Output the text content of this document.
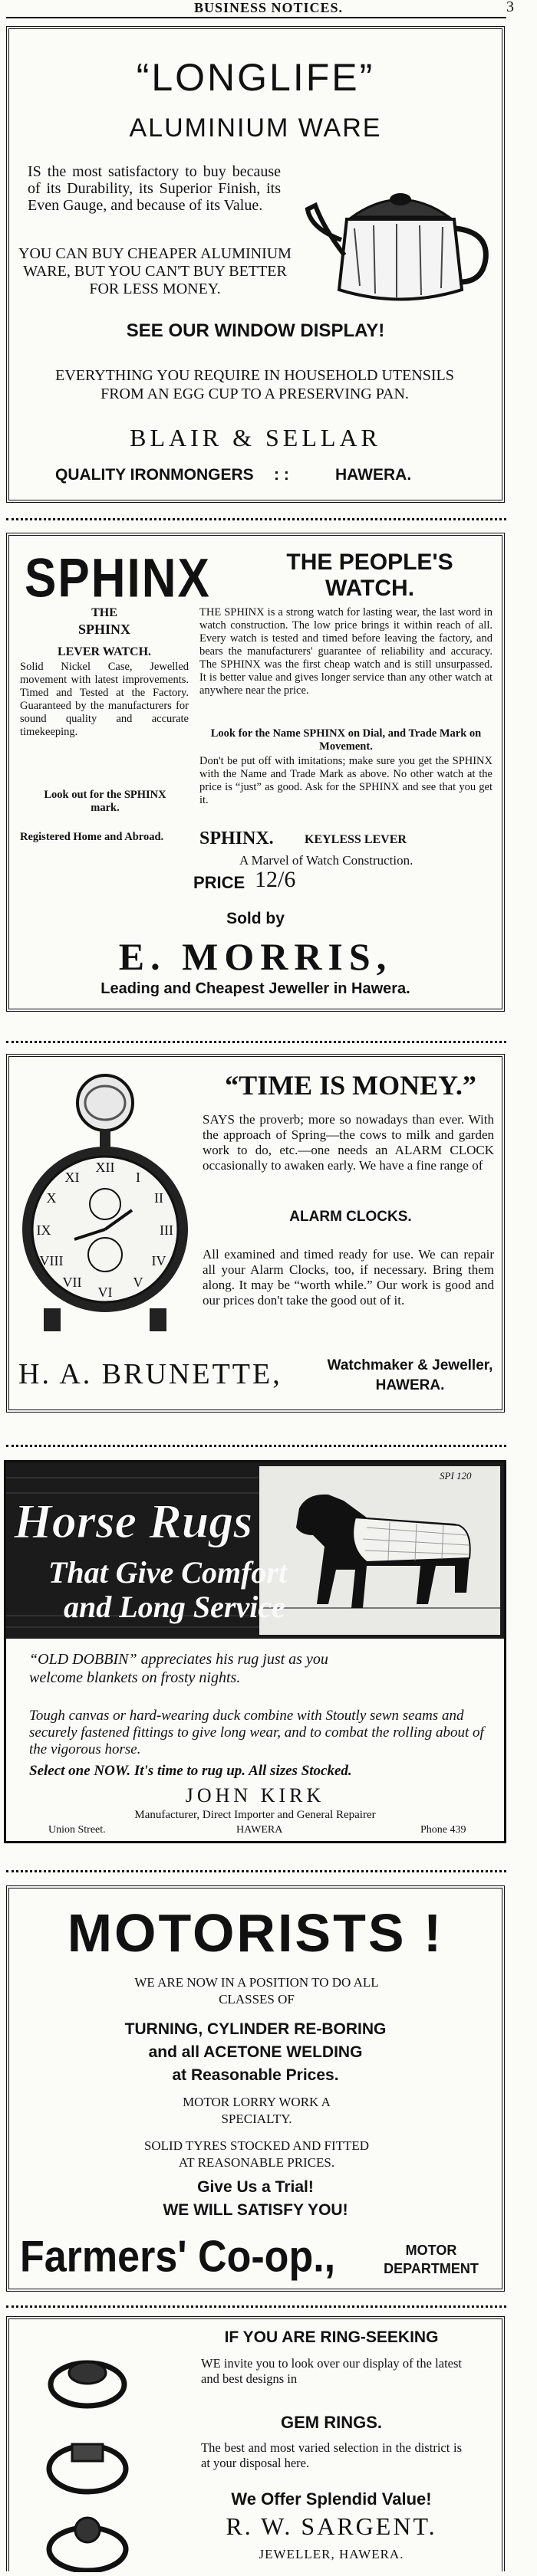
BUSINESS NOTICES.	3
“LONGLIFE”
ALUMINIUM WARE
IS the most satisfactory to buy because of its Durability, its Superior Finish, its Even Gauge, and because of its Value.
YOU CAN BUY CHEAPER ALUMINIUM WARE, BUT YOU CAN'T BUY BETTER FOR LESS MONEY.
SEE OUR WINDOW DISPLAY!
EVERYTHING YOU REQUIRE IN HOUSEHOLD UTENSILS FROM AN EGG CUP TO A PRESERVING PAN.
BLAIR & SELLAR
QUALITY IRONMONGERS : :	HAWERA.
SPHINX	THE PEOPLE'S
WATCH.
THE
SPHINX
LEVER WATCH.
Solid Nickel Case, Jewelled movement with latest improvements. Timed and Tested at the Factory. Guaranteed by the manufacturers for sound quality and accurate timekeeping.
Look out for the SPHINX mark.
Registered Home and Abroad.
THE SPHINX is a strong watch for lasting wear, the last word in watch construction. The low price brings it within reach of all. Every watch is tested and timed before leaving the factory, and bears the manufacturers' guarantee of reliability and accuracy. The SPHINX was the first cheap watch and is still unsurpassed. It is better value and gives longer service than any other watch at anywhere near the price.
Look for the Name SPHINX on Dial, and Trade Mark on Movement.
Don't be put off with imitations; make sure you get the SPHINX with the Name and Trade Mark as above. No other watch at the price is “just” as good. Ask for the SPHINX and see that you get it.
SPHINX.	KEYLESS LEVER
A Marvel of Watch Construction.
PRICE 12/6
Sold by
E. MORRIS,
Leading and Cheapest Jeweller in Hawera.
XII
I
II
III
IV
V
VI
VII
VIII
IX
X
XI
“TIME IS MONEY.”
SAYS the proverb; more so nowadays than ever. With the approach of Spring—the cows to milk and garden work to do, etc.—one needs an ALARM CLOCK occasionally to awaken early. We have a fine range of
ALARM CLOCKS.
All examined and timed ready for use. We can repair all your Alarm Clocks, too, if necessary. Bring them along. It may be “worth while.” Our work is good and our prices don't take the good out of it.
H. A. BRUNETTE,	Watchmaker & Jeweller,
HAWERA.
Horse Rugs
That Give Comfort
and Long Service
SPI 120
“OLD DOBBIN” appreciates his rug just as you welcome blankets on frosty nights.
Tough canvas or hard-wearing duck combine with Stoutly sewn seams and securely fastened fittings to give long wear, and to combat the rolling about of the vigorous horse.
Select one NOW. It's time to rug up. All sizes Stocked.
JOHN KIRK
Manufacturer, Direct Importer and General Repairer
Union Street.	HAWERA	Phone 439
MOTORISTS !
WE ARE NOW IN A POSITION TO DO ALL CLASSES OF
TURNING, CYLINDER RE-BORING
and all ACETONE WELDING
at Reasonable Prices.
MOTOR LORRY WORK A SPECIALTY.
SOLID TYRES STOCKED AND FITTED AT REASONABLE PRICES.
Give Us a Trial!
WE WILL SATISFY YOU!
Farmers' Co-op.,	MOTOR
DEPARTMENT
IF YOU ARE RING-SEEKING
WE invite you to look over our display of the latest and best designs in
GEM RINGS.
The best and most varied selection in the district is at your disposal here.
We Offer Splendid Value!
R. W. SARGENT.
JEWELLER, HAWERA.
